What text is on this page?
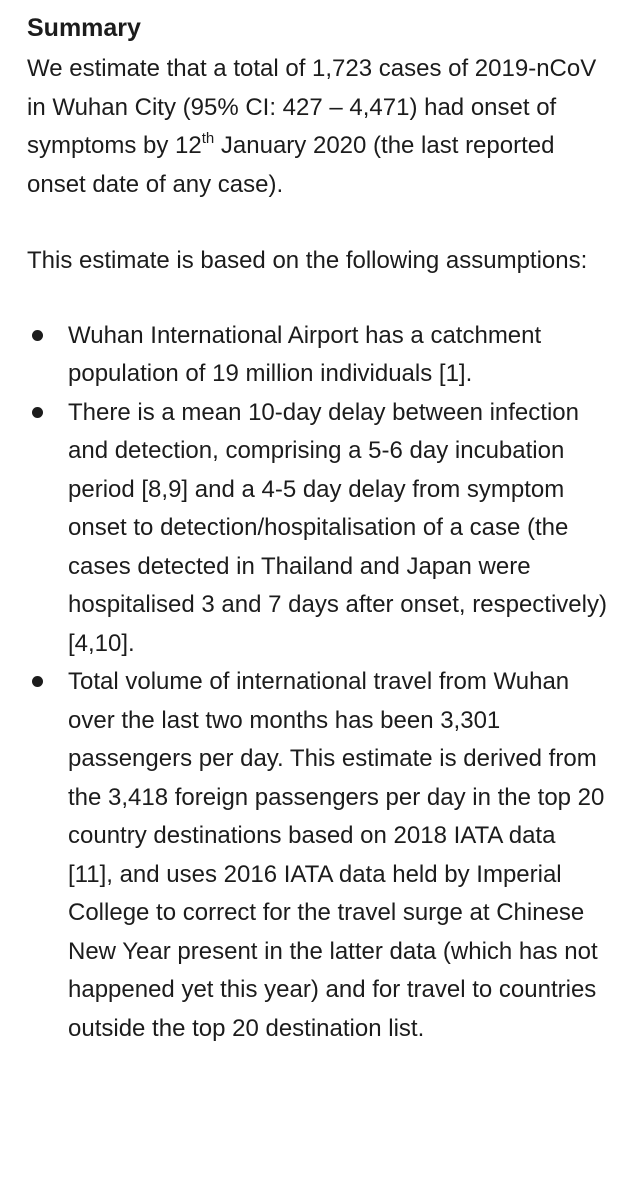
Summary

We estimate that a total of 1,723 cases of 2019-nCoV in Wuhan City (95% CI: 427 – 4,471) had onset of symptoms by 12th January 2020 (the last reported onset date of any case).

This estimate is based on the following assumptions:

Wuhan International Airport has a catchment population of 19 million individuals [1].
There is a mean 10-day delay between infection and detection, comprising a 5-6 day incubation period [8,9] and a 4-5 day delay from symptom onset to detection/hospitalisation of a case (the cases detected in Thailand and Japan were hospitalised 3 and 7 days after onset, respectively) [4,10].
Total volume of international travel from Wuhan over the last two months has been 3,301 passengers per day. This estimate is derived from the 3,418 foreign passengers per day in the top 20 country destinations based on 2018 IATA data [11], and uses 2016 IATA data held by Imperial College to correct for the travel surge at Chinese New Year present in the latter data (which has not happened yet this year) and for travel to countries outside the top 20 destination list.
